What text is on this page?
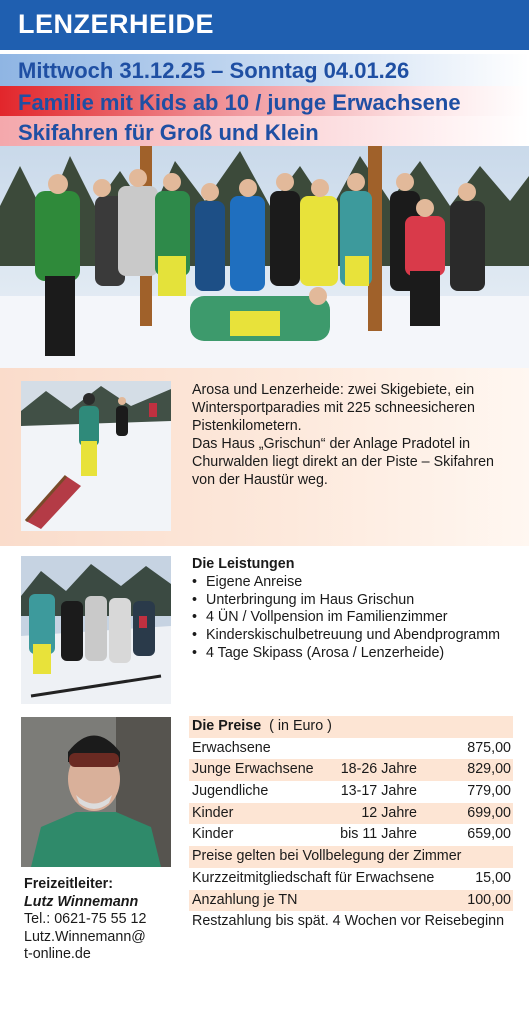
LENZERHEIDE
Mittwoch 31.12.25 – Sonntag 04.01.26
Familie mit Kids ab 10 / junge Erwachsene
Skifahren für Groß und Klein

Arosa und Lenzerheide: zwei Skigebiete, ein Wintersportparadies mit 225 schneesicheren Pistenkilometern.

Das Haus „Grischun“ der Anlage Pradotel in Churwalden liegt direkt an der Piste – Skifahren von der Haustür weg.

Die Leistungen
• Eigene Anreise
• Unterbringung im Haus Grischun
• 4 ÜN / Vollpension im Familienzimmer
• Kinderskischulbetreuung und Abendprogramm
• 4 Tage Skipass (Arosa / Lenzerheide)
Freizeitleiter:
Lutz Winnemann
Tel.: 0621-75 55 12
Lutz.Winnemann@
t-online.de
Die Preise ( in Euro )
Erwachsene	875,00
Junge Erwachsene 18-26 Jahre	829,00
Jugendliche	13-17 Jahre	779,00
Kinder	12 Jahre	699,00
Kinder	bis 11 Jahre	659,00
Preise gelten bei Vollbelegung der Zimmer
Kurzzeitmitgliedschaft für Erwachsene	15,00
Anzahlung je TN	100,00
Restzahlung bis spät. 4 Wochen vor Reisebeginn
